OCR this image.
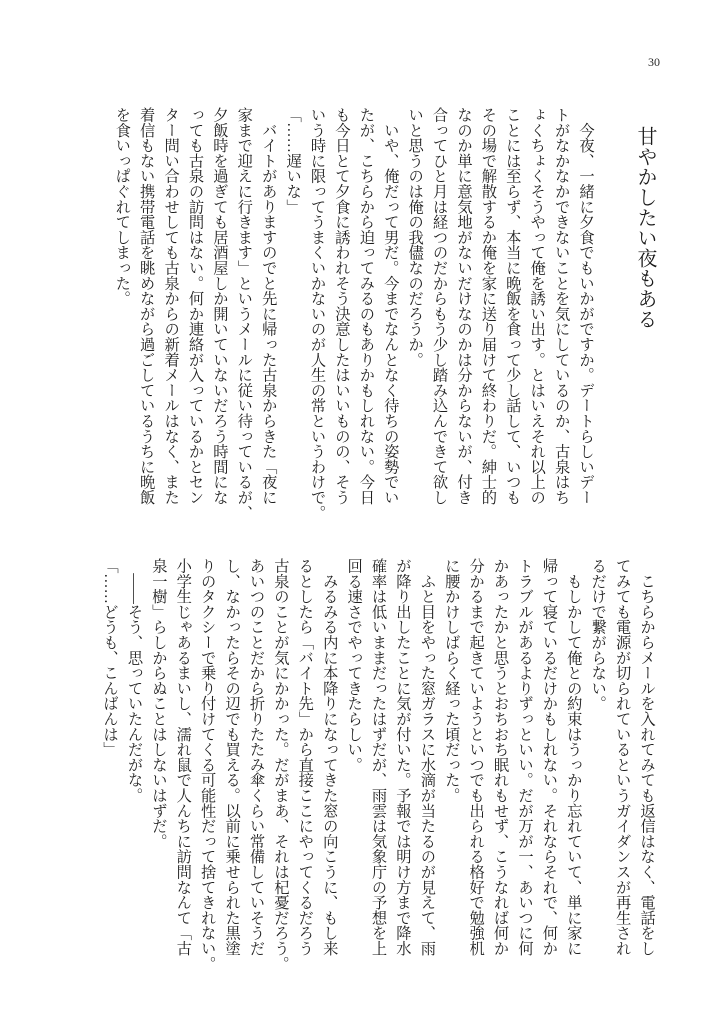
30
甘やかしたい夜もある
　今夜、一緒に夕食でもいかがですか。デートらしいデー
トがなかなかできないことを気にしているのか、古泉はち
ょくちょくそうやって俺を誘い出す。とはいえそれ以上の
ことには至らず、本当に晩飯を食って少し話して、いつも
その場で解散するか俺を家に送り届けて終わりだ。紳士的
なのか単に意気地がないだけなのかは分からないが、付き
合ってひと月は経つのだからもう少し踏み込んできて欲し
いと思うのは俺の我儘なのだろうか。
　いや、俺だって男だ。今までなんとなく待ちの姿勢でい
たが、こちらから迫ってみるのもありかもしれない。今日
も今日とて夕食に誘われそう決意したはいいものの、そう
いう時に限ってうまくいかないのが人生の常というわけで。
「……遅いな」
　バイトがありますのでと先に帰った古泉からきた「夜に
家まで迎えに行きます」というメールに従い待っているが、
夕飯時を過ぎても居酒屋しか開いていないだろう時間にな
っても古泉の訪問はない。何か連絡が入っているかとセン
ター問い合わせしても古泉からの新着メールはなく、また
着信もない携帯電話を眺めながら過ごしているうちに晩飯
を食いっぱぐれてしまった。
　こちらからメールを入れてみても返信はなく、電話をし
てみても電源が切られているというガイダンスが再生され
るだけで繋がらない。
　もしかして俺との約束はうっかり忘れていて、単に家に
帰って寝ているだけかもしれない。それならそれで、何か
トラブルがあるよりずっといい。だが万が一、あいつに何
かあったかと思うとおちおち眠れもせず、こうなれば何か
分かるまで起きていようといつでも出られる格好で勉強机
に腰かけしばらく経った頃だった。
　ふと目をやった窓ガラスに水滴が当たるのが見えて、雨
が降り出したことに気が付いた。予報では明け方まで降水
確率は低いままだったはずだが、雨雲は気象庁の予想を上
回る速さでやってきたらしい。
　みるみる内に本降りになってきた窓の向こうに、もし来
るとしたら「バイト先」から直接ここにやってくるだろう
古泉のことが気にかかった。だがまあ、それは杞憂だろう。
あいつのことだから折りたたみ傘くらい常備していそうだ
し、なかったらその辺でも買える。以前に乗せられた黒塗
りのタクシーで乗り付けてくる可能性だって捨てきれない。
小学生じゃあるまいし、濡れ鼠で人んちに訪問なんて「古
泉一樹」らしからぬことはしないはずだ。
　――そう、思っていたんだがな。
「……どうも、こんばんは」
